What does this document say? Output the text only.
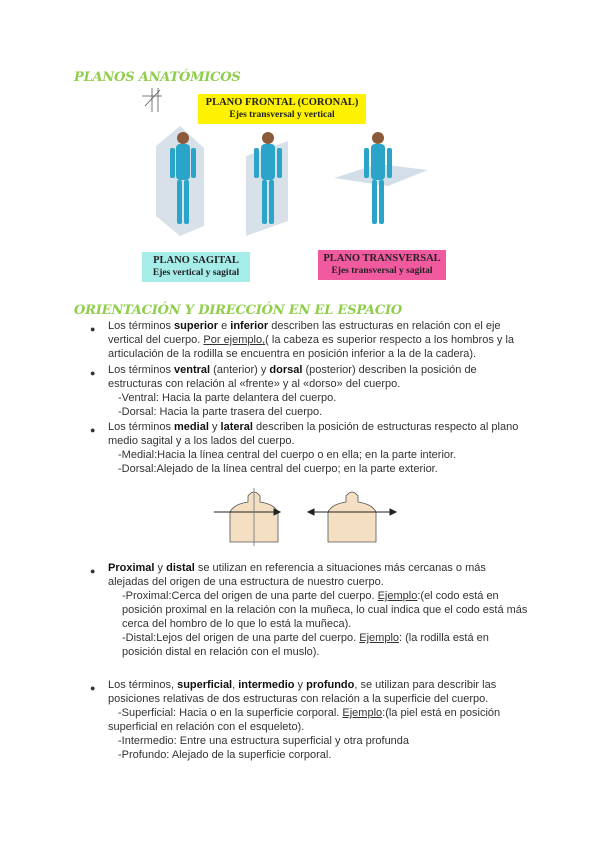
PLANOS ANATÓMICOS
PLANO FRONTAL (CORONAL)
Ejes transversal y vertical
PLANO SAGITAL
Ejes vertical y sagital
PLANO TRANSVERSAL
Ejes transversal y sagital
ORIENTACIÓN Y DIRECCIÓN EN EL ESPACIO
● Los términos superior e inferior describen las estructuras en relación con el eje vertical del cuerpo. Por ejemplo,( la cabeza es superior respecto a los hombros y la articulación de la rodilla se encuentra en posición inferior a la de la cadera).
● Los términos ventral (anterior) y dorsal (posterior) describen la posición de estructuras con relación al «frente» y al «dorso» del cuerpo.
-Ventral: Hacia la parte delantera del cuerpo.
-Dorsal: Hacia la parte trasera del cuerpo.
● Los términos medial y lateral describen la posición de estructuras respecto al plano medio sagital y a los lados del cuerpo.
-Medial:Hacia la línea central del cuerpo o en ella; en la parte interior.
-Dorsal:Alejado de la línea central del cuerpo; en la parte exterior.
● Proximal y distal se utilizan en referencia a situaciones más cercanas o más alejadas del origen de una estructura de nuestro cuerpo.
-Proximal:Cerca del origen de una parte del cuerpo. Ejemplo:(el codo está en posición proximal en la relación con la muñeca, lo cual indica que el codo está más cerca del hombro de lo que lo está la muñeca).
-Distal:Lejos del origen de una parte del cuerpo. Ejemplo: (la rodilla está en posición distal en relación con el muslo).
● Los términos, superficial, intermedio y profundo, se utilizan para describir las posiciones relativas de dos estructuras con relación a la superficie del cuerpo.
-Superficial: Hacia o en la superficie corporal. Ejemplo:(la piel está en posición superficial en relación con el esqueleto).
-Intermedio: Entre una estructura superficial y otra profunda
-Profundo: Alejado de la superficie corporal.
